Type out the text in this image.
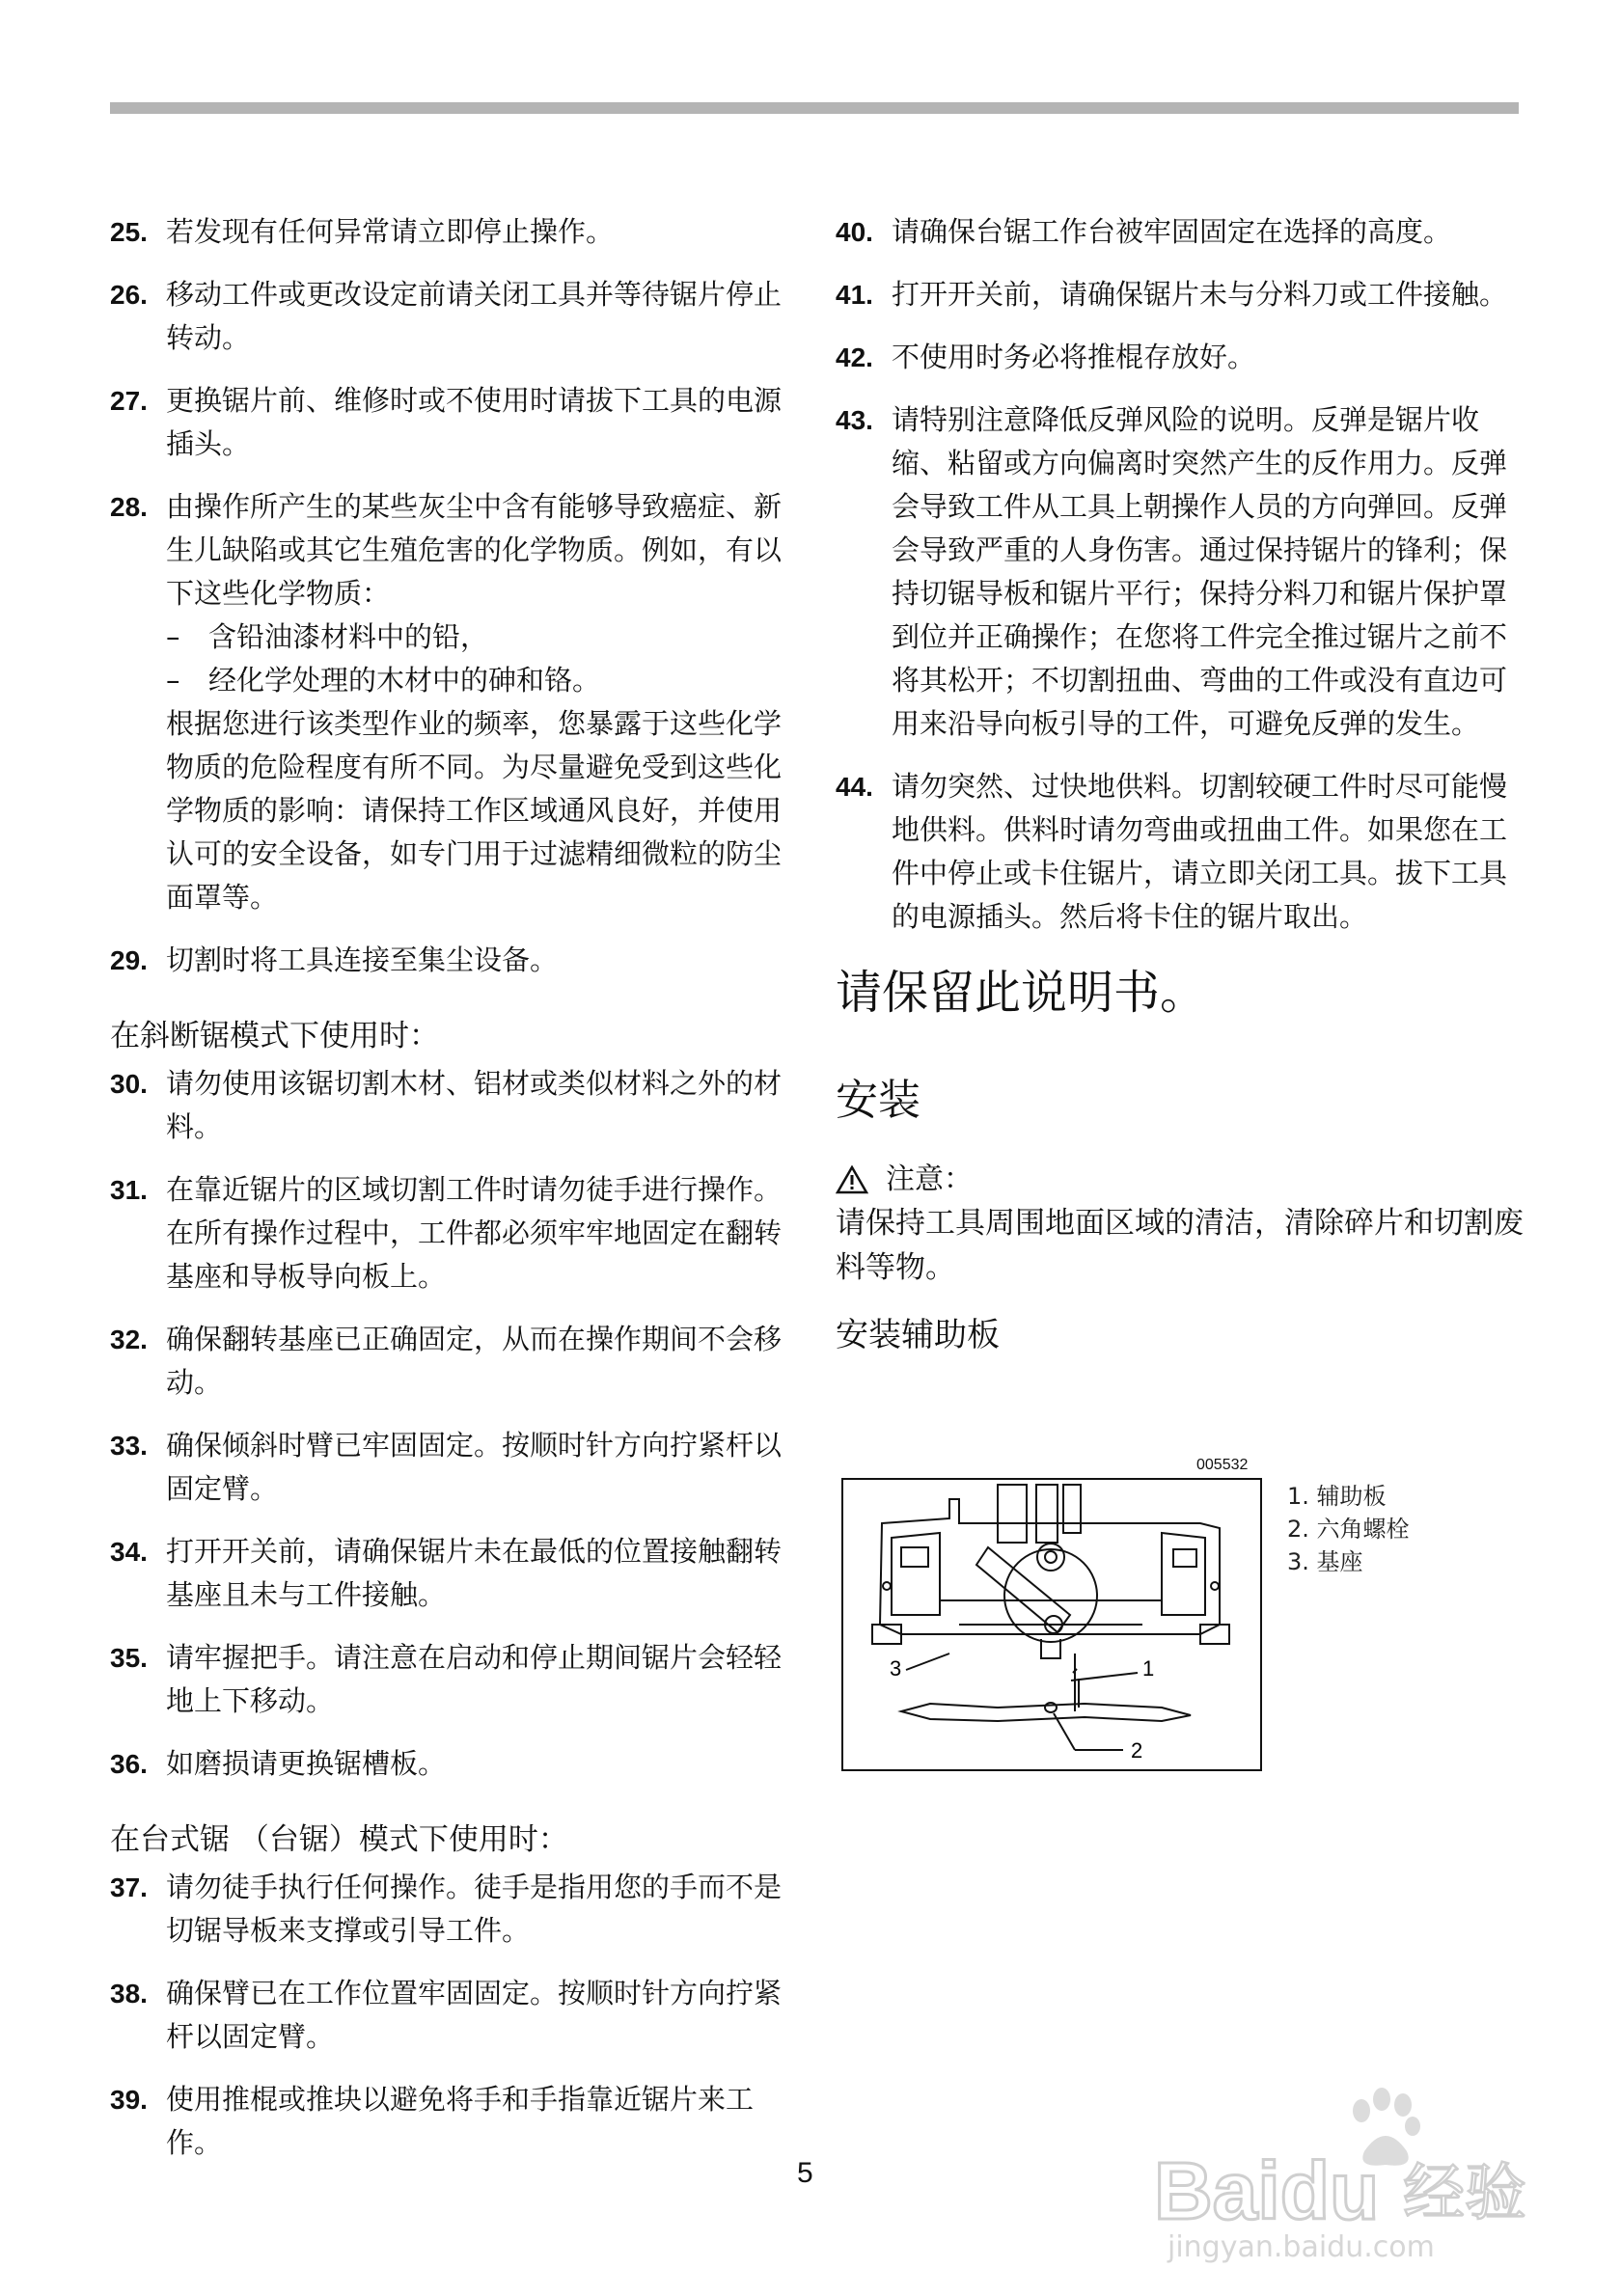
25. 若发现有任何异常请立即停止操作。
26. 移动工件或更改设定前请关闭工具并等待锯片停止转动。
27. 更换锯片前、维修时或不使用时请拔下工具的电源插头。
28. 由操作所产生的某些灰尘中含有能够导致癌症、新生儿缺陷或其它生殖危害的化学物质。例如，有以下这些化学物质：

–	含铅油漆材料中的铅，
–	经化学处理的木材中的砷和铬。

根据您进行该类型作业的频率，您暴露于这些化学物质的危险程度有所不同。为尽量避免受到这些化学物质的影响：请保持工作区域通风良好，并使用认可的安全设备，如专门用于过滤精细微粒的防尘面罩等。

29. 切割时将工具连接至集尘设备。
在斜断锯模式下使用时：
30. 请勿使用该锯切割木材、铝材或类似材料之外的材料。
31. 在靠近锯片的区域切割工件时请勿徒手进行操作。在所有操作过程中，工件都必须牢牢地固定在翻转基座和导板导向板上。
32. 确保翻转基座已正确固定，从而在操作期间不会移动。
33. 确保倾斜时臂已牢固固定。按顺时针方向拧紧杆以固定臂。
34. 打开开关前，请确保锯片未在最低的位置接触翻转基座且未与工件接触。
35. 请牢握把手。请注意在启动和停止期间锯片会轻轻地上下移动。
36. 如磨损请更换锯槽板。
在台式锯 （台锯）模式下使用时：
37. 请勿徒手执行任何操作。徒手是指用您的手而不是切锯导板来支撑或引导工件。
38. 确保臂已在工作位置牢固固定。按顺时针方向拧紧杆以固定臂。
39. 使用推棍或推块以避免将手和手指靠近锯片来工作。
40. 请确保台锯工作台被牢固固定在选择的高度。
41. 打开开关前，请确保锯片未与分料刀或工件接触。
42. 不使用时务必将推棍存放好。
43. 请特别注意降低反弹风险的说明。反弹是锯片收缩、粘留或方向偏离时突然产生的反作用力。反弹会导致工件从工具上朝操作人员的方向弹回。反弹会导致严重的人身伤害。通过保持锯片的锋利；保持切锯导板和锯片平行；保持分料刀和锯片保护罩到位并正确操作；在您将工件完全推过锯片之前不将其松开；不切割扭曲、弯曲的工件或没有直边可用来沿导向板引导的工件，可避免反弹的发生。
44. 请勿突然、过快地供料。切割较硬工件时尽可能慢地供料。供料时请勿弯曲或扭曲工件。如果您在工件中停止或卡住锯片，请立即关闭工具。拔下工具的电源插头。然后将卡住的锯片取出。
请保留此说明书。
安装
注意：
请保持工具周围地面区域的清洁，清除碎片和切割废料等物。
安装辅助板
005532
3	1
2
1. 辅助板
2. 六角螺栓
3. 基座
5	Baidu 经验
jingyan.baidu.com
